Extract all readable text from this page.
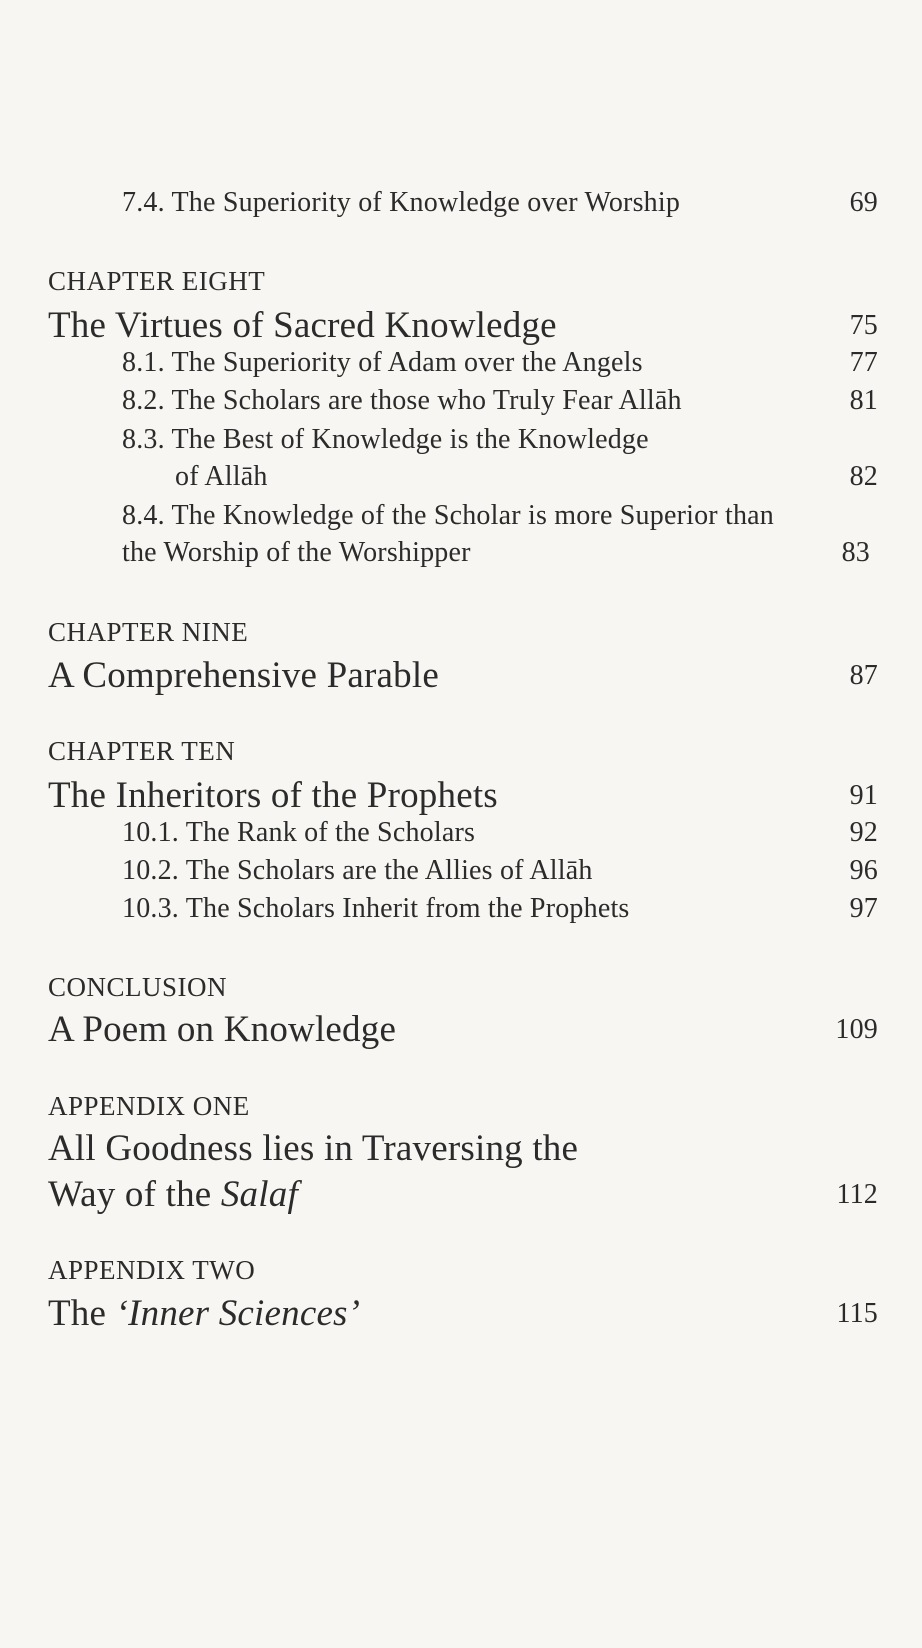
7.4. The Superiority of Knowledge over Worship	69
CHAPTER EIGHT
The Virtues of Sacred Knowledge	75
8.1. The Superiority of Adam over the Angels	77
8.2. The Scholars are those who Truly Fear Allāh	81
8.3. The Best of Knowledge is the Knowledge
of Allāh	82
8.4. The Knowledge of the Scholar is more Superior than
the Worship of the Worshipper	83
CHAPTER NINE
A Comprehensive Parable	87
CHAPTER TEN
The Inheritors of the Prophets	91
10.1. The Rank of the Scholars	92
10.2. The Scholars are the Allies of Allāh	96
10.3. The Scholars Inherit from the Prophets	97
CONCLUSION
A Poem on Knowledge	109
APPENDIX ONE
All Goodness lies in Traversing the
Way of the Salaf	112
APPENDIX TWO
The ‘Inner Sciences’	115
